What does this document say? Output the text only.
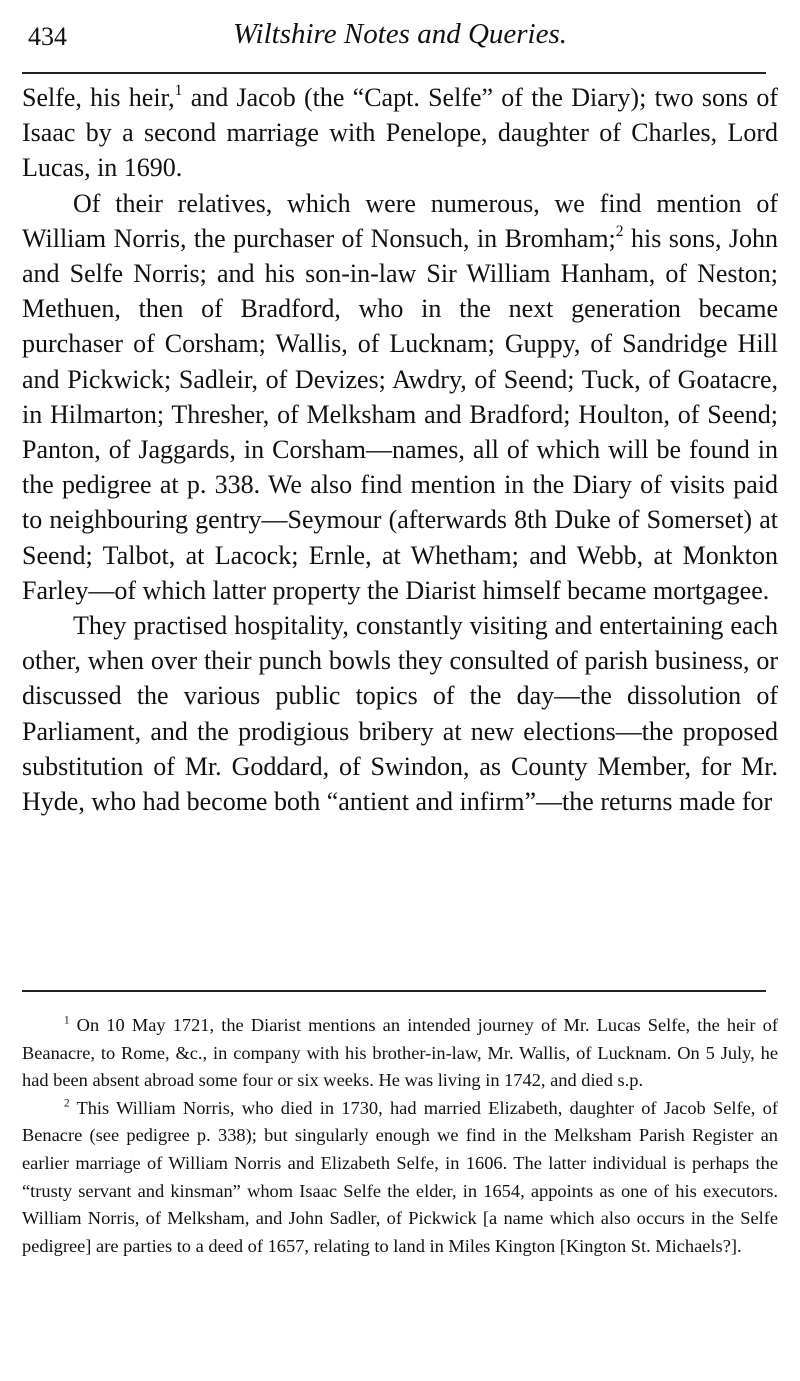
434	Wiltshire Notes and Queries.

Selfe, his heir,$^1$ and Jacob (the “Capt. Selfe” of the Diary); two sons of Isaac by a second marriage with Penelope, daughter of Charles, Lord Lucas, in 1690.

Of their relatives, which were numerous, we find mention of William Norris, the purchaser of Nonsuch, in Bromham;$^2$ his sons, John and Selfe Norris; and his son-in-law Sir William Hanham, of Neston; Methuen, then of Bradford, who in the next generation became purchaser of Corsham; Wallis, of Lucknam; Guppy, of Sandridge Hill and Pickwick; Sadleir, of Devizes; Awdry, of Seend; Tuck, of Goatacre, in Hilmarton; Thresher, of Melksham and Bradford; Houlton, of Seend; Panton, of Jaggards, in Corsham—names, all of which will be found in the pedigree at p. 338. We also find mention in the Diary of visits paid to neighbouring gentry—Seymour (afterwards 8th Duke of Somerset) at Seend; Talbot, at Lacock; Ernle, at Whetham; and Webb, at Monkton Farley—of which latter property the Diarist himself became mortgagee.

They practised hospitality, constantly visiting and entertaining each other, when over their punch bowls they consulted of parish business, or discussed the various public topics of the day—the dissolution of Parliament, and the prodigious bribery at new elections—the proposed substitution of Mr. Goddard, of Swindon, as County Member, for Mr. Hyde, who had become both “antient and infirm”—the returns made for

$^1$ On 10 May 1721, the Diarist mentions an intended journey of Mr. Lucas Selfe, the heir of Beanacre, to Rome, &c., in company with his brother-in-law, Mr. Wallis, of Lucknam. On 5 July, he had been absent abroad some four or six weeks. He was living in 1742, and died s.p.

$^2$ This William Norris, who died in 1730, had married Elizabeth, daughter of Jacob Selfe, of Benacre (see pedigree p. 338); but singularly enough we find in the Melksham Parish Register an earlier marriage of William Norris and Elizabeth Selfe, in 1606. The latter individual is perhaps the “trusty servant and kinsman” whom Isaac Selfe the elder, in 1654, appoints as one of his executors. William Norris, of Melksham, and John Sadler, of Pickwick [a name which also occurs in the Selfe pedigree] are parties to a deed of 1657, relating to land in Miles Kington [Kington St. Michaels?].
